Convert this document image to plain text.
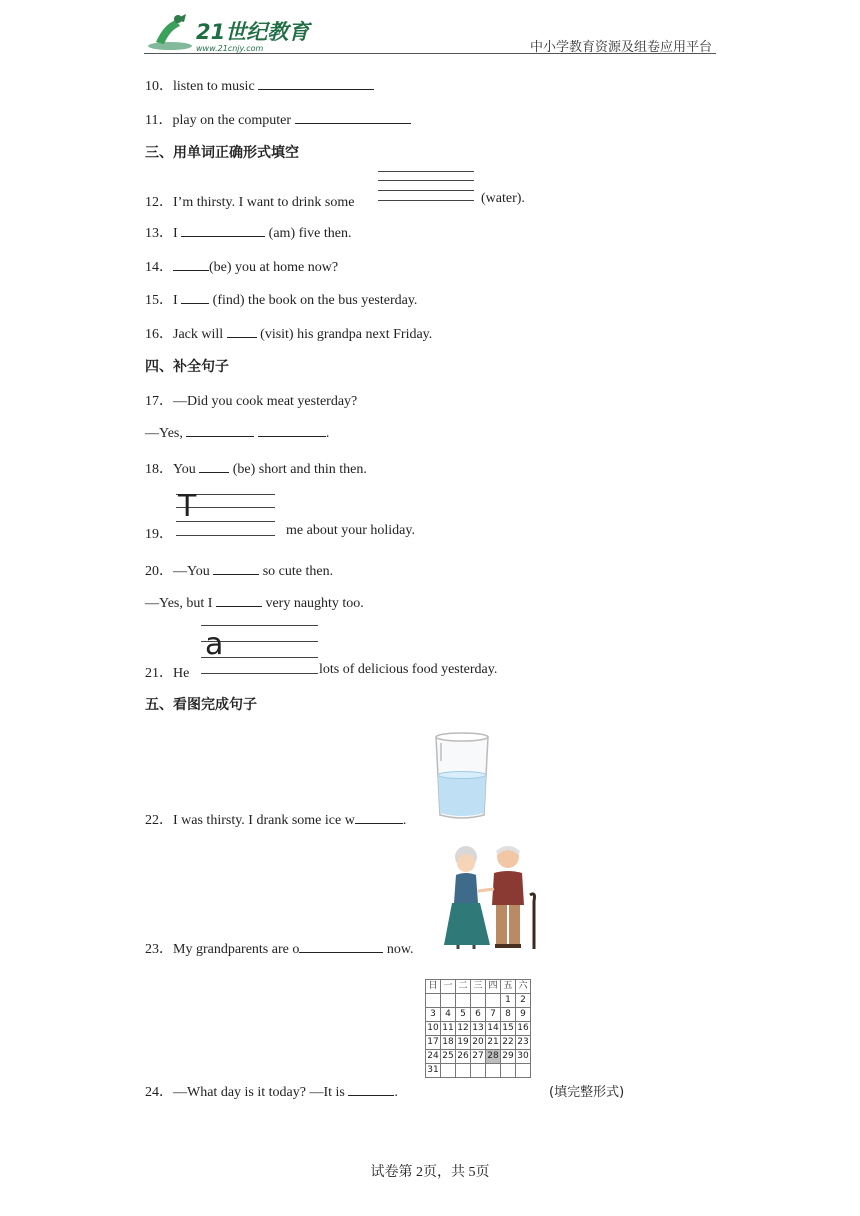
21世纪教育
www.21cnjy.com	中小学教育资源及组卷应用平台
10．listen to music
11．play on the computer
三、用单词正确形式填空
12．I’m thirsty. I want to drink some	(water).
13．I	(am) five then.
14．	(be) you at home now?
15．I  (find) the book on the bus yesterday.
16．Jack will  (visit) his grandpa next Friday.
四、补全句子
17．—Did you cook meat yesterday?
—Yes,	.
18．You  (be) short and thin then.
T
19．	me about your holiday.
20．—You	so cute then.
—Yes, but I	very naughty too.
a
21．He	lots of delicious food yesterday.
五、看图完成句子
22．I was thirsty. I drank some ice w	.
23．My grandparents are o	now.
日	一	二	三	四	五	六
					1	2
3	4	5	6	7	8	9
10	11	12	13	14	15	16
17	18	19	20	21	22	23
24	25	26	27	28	29	30
31						
24．—What day is it today? —It is	.	(填完整形式)
试卷第 2页，共 5页
